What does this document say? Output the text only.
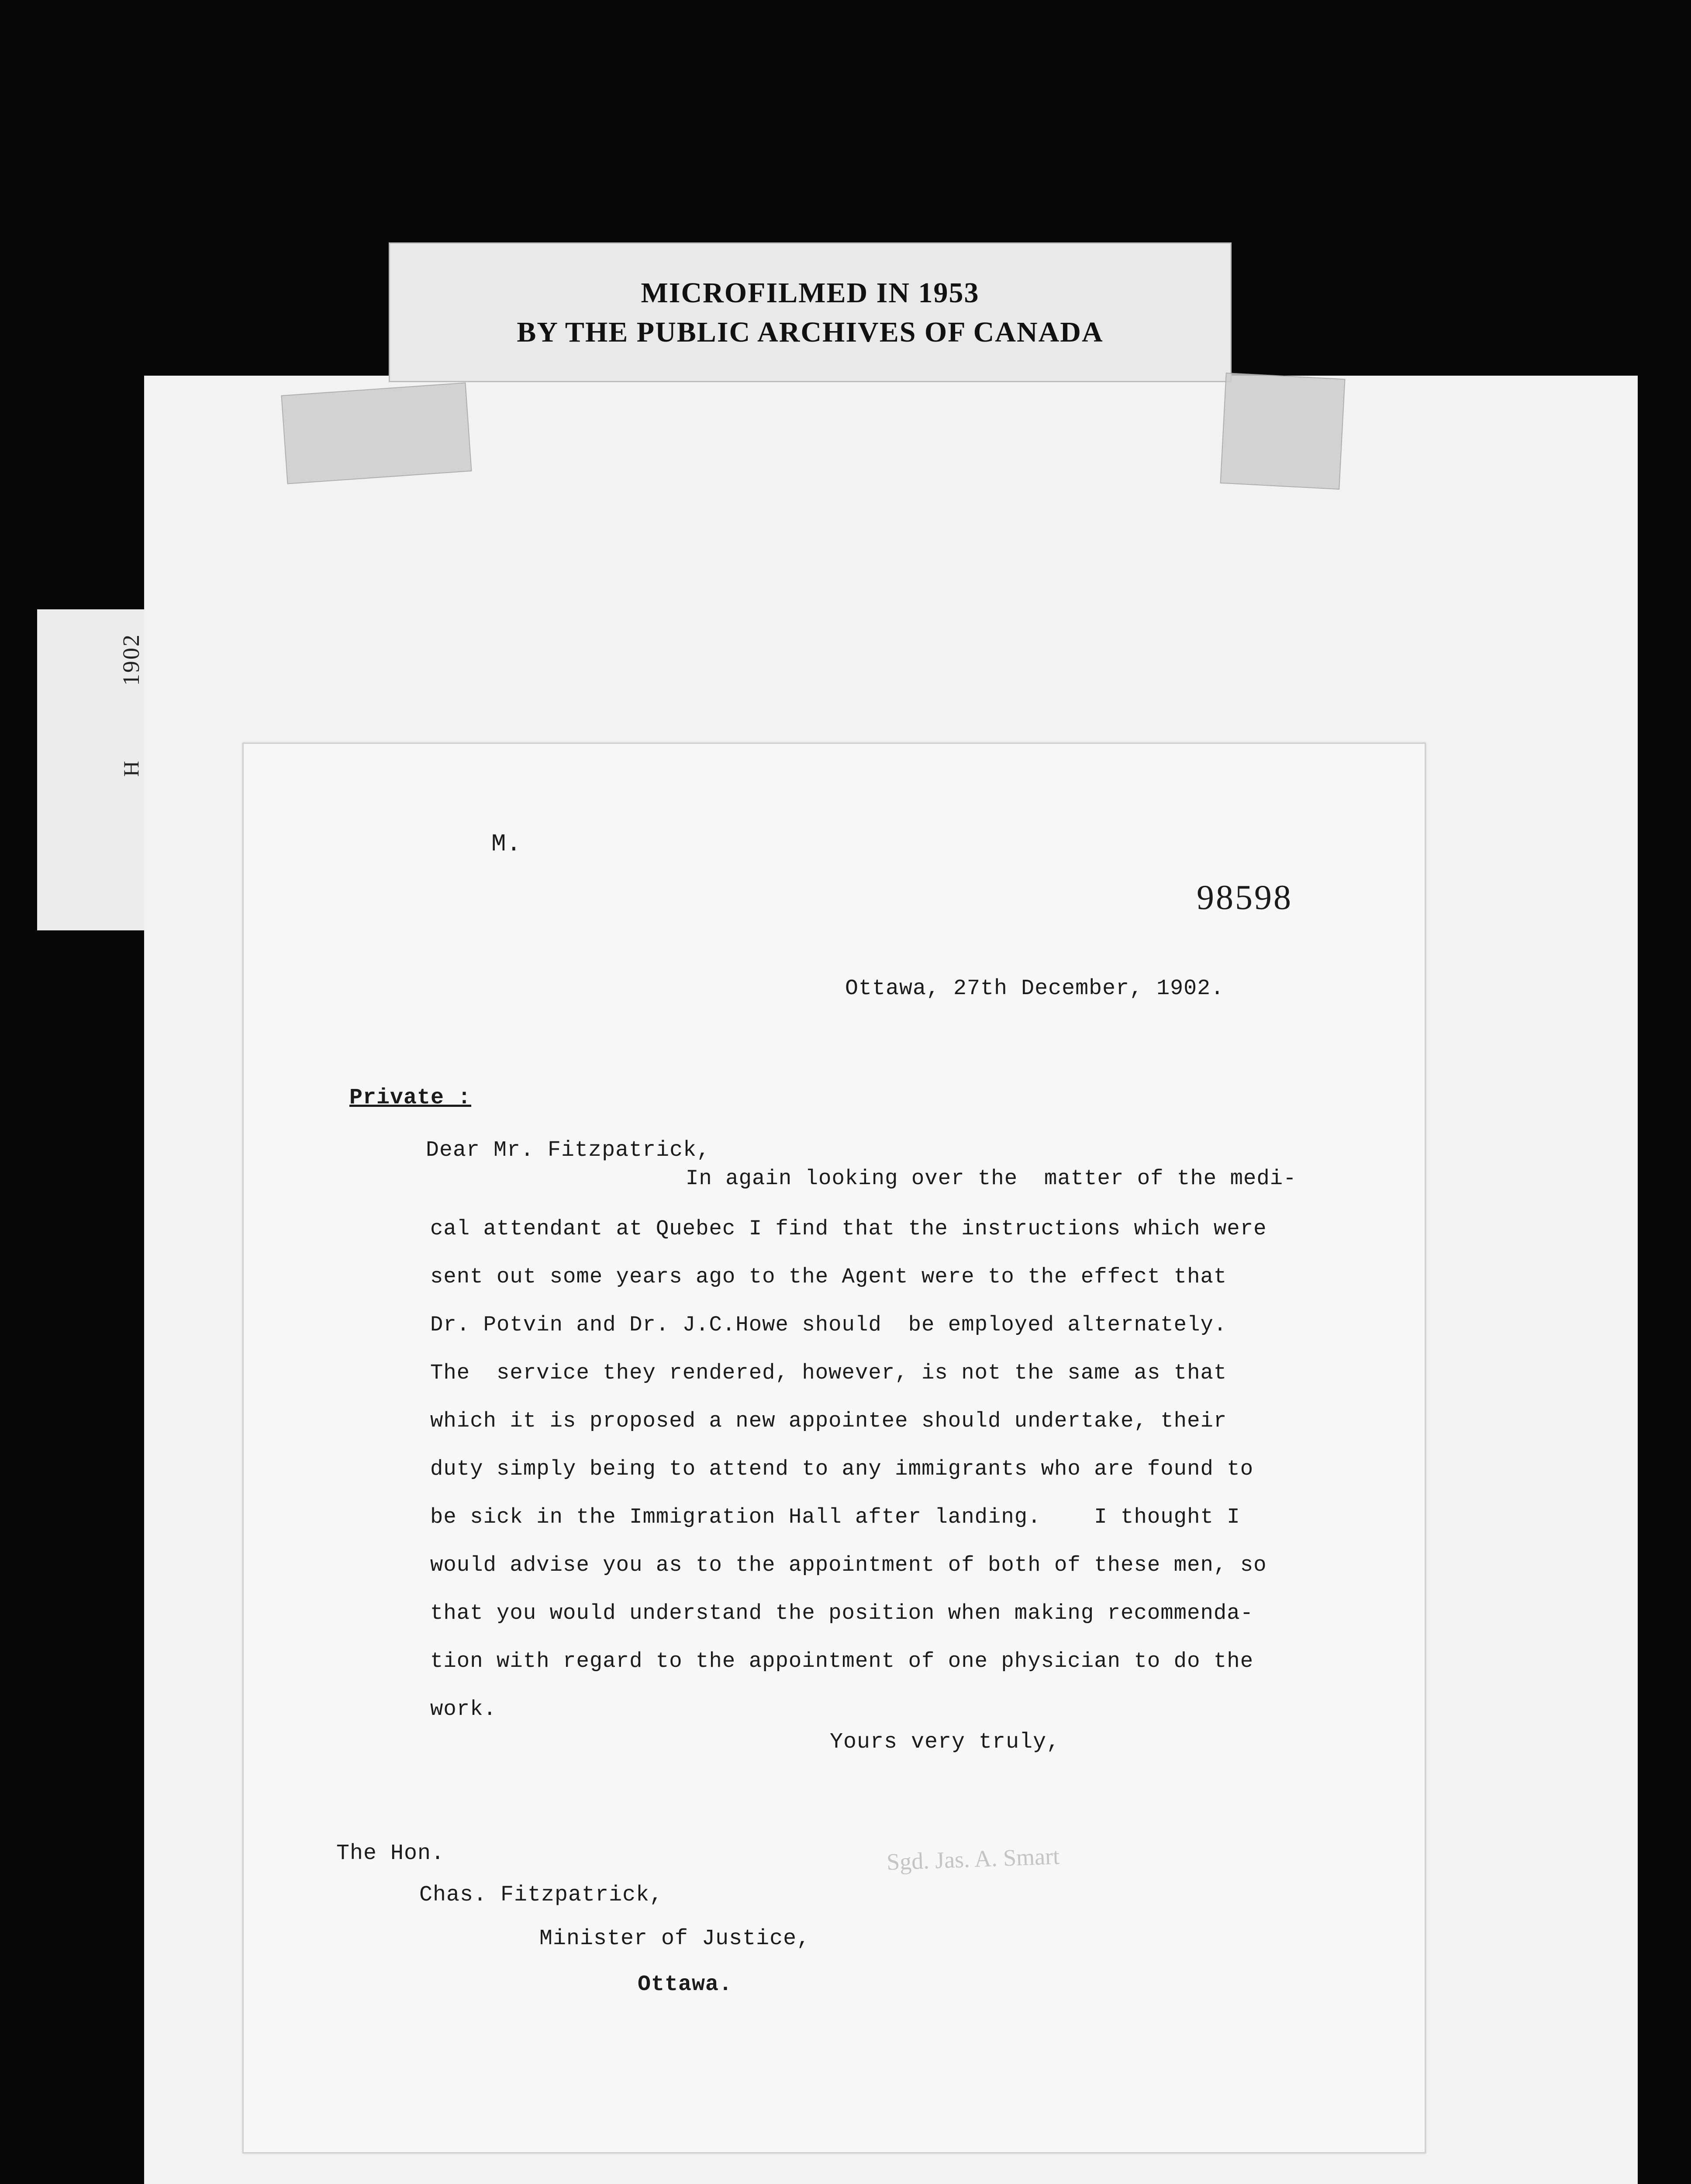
1902
H
MICROFILMED IN 1953
BY THE PUBLIC ARCHIVES OF CANADA
M.
98598
Ottawa, 27th December, 1902.
Private :
Dear Mr. Fitzpatrick,
In again looking over the  matter of the medi-
cal attendant at Quebec I find that the instructions which were
sent out some years ago to the Agent were to the effect that
Dr. Potvin and Dr. J.C.Howe should  be employed alternately.
The  service they rendered, however, is not the same as that
which it is proposed a new appointee should undertake, their
duty simply being to attend to any immigrants who are found to
be sick in the Immigration Hall after landing.    I thought I
would advise you as to the appointment of both of these men, so
that you would understand the position when making recommenda-
tion with regard to the appointment of one physician to do the
work.
Yours very truly,
Sgd. Jas. A. Smart
The Hon.
Chas. Fitzpatrick,
Minister of Justice,
Ottawa.
